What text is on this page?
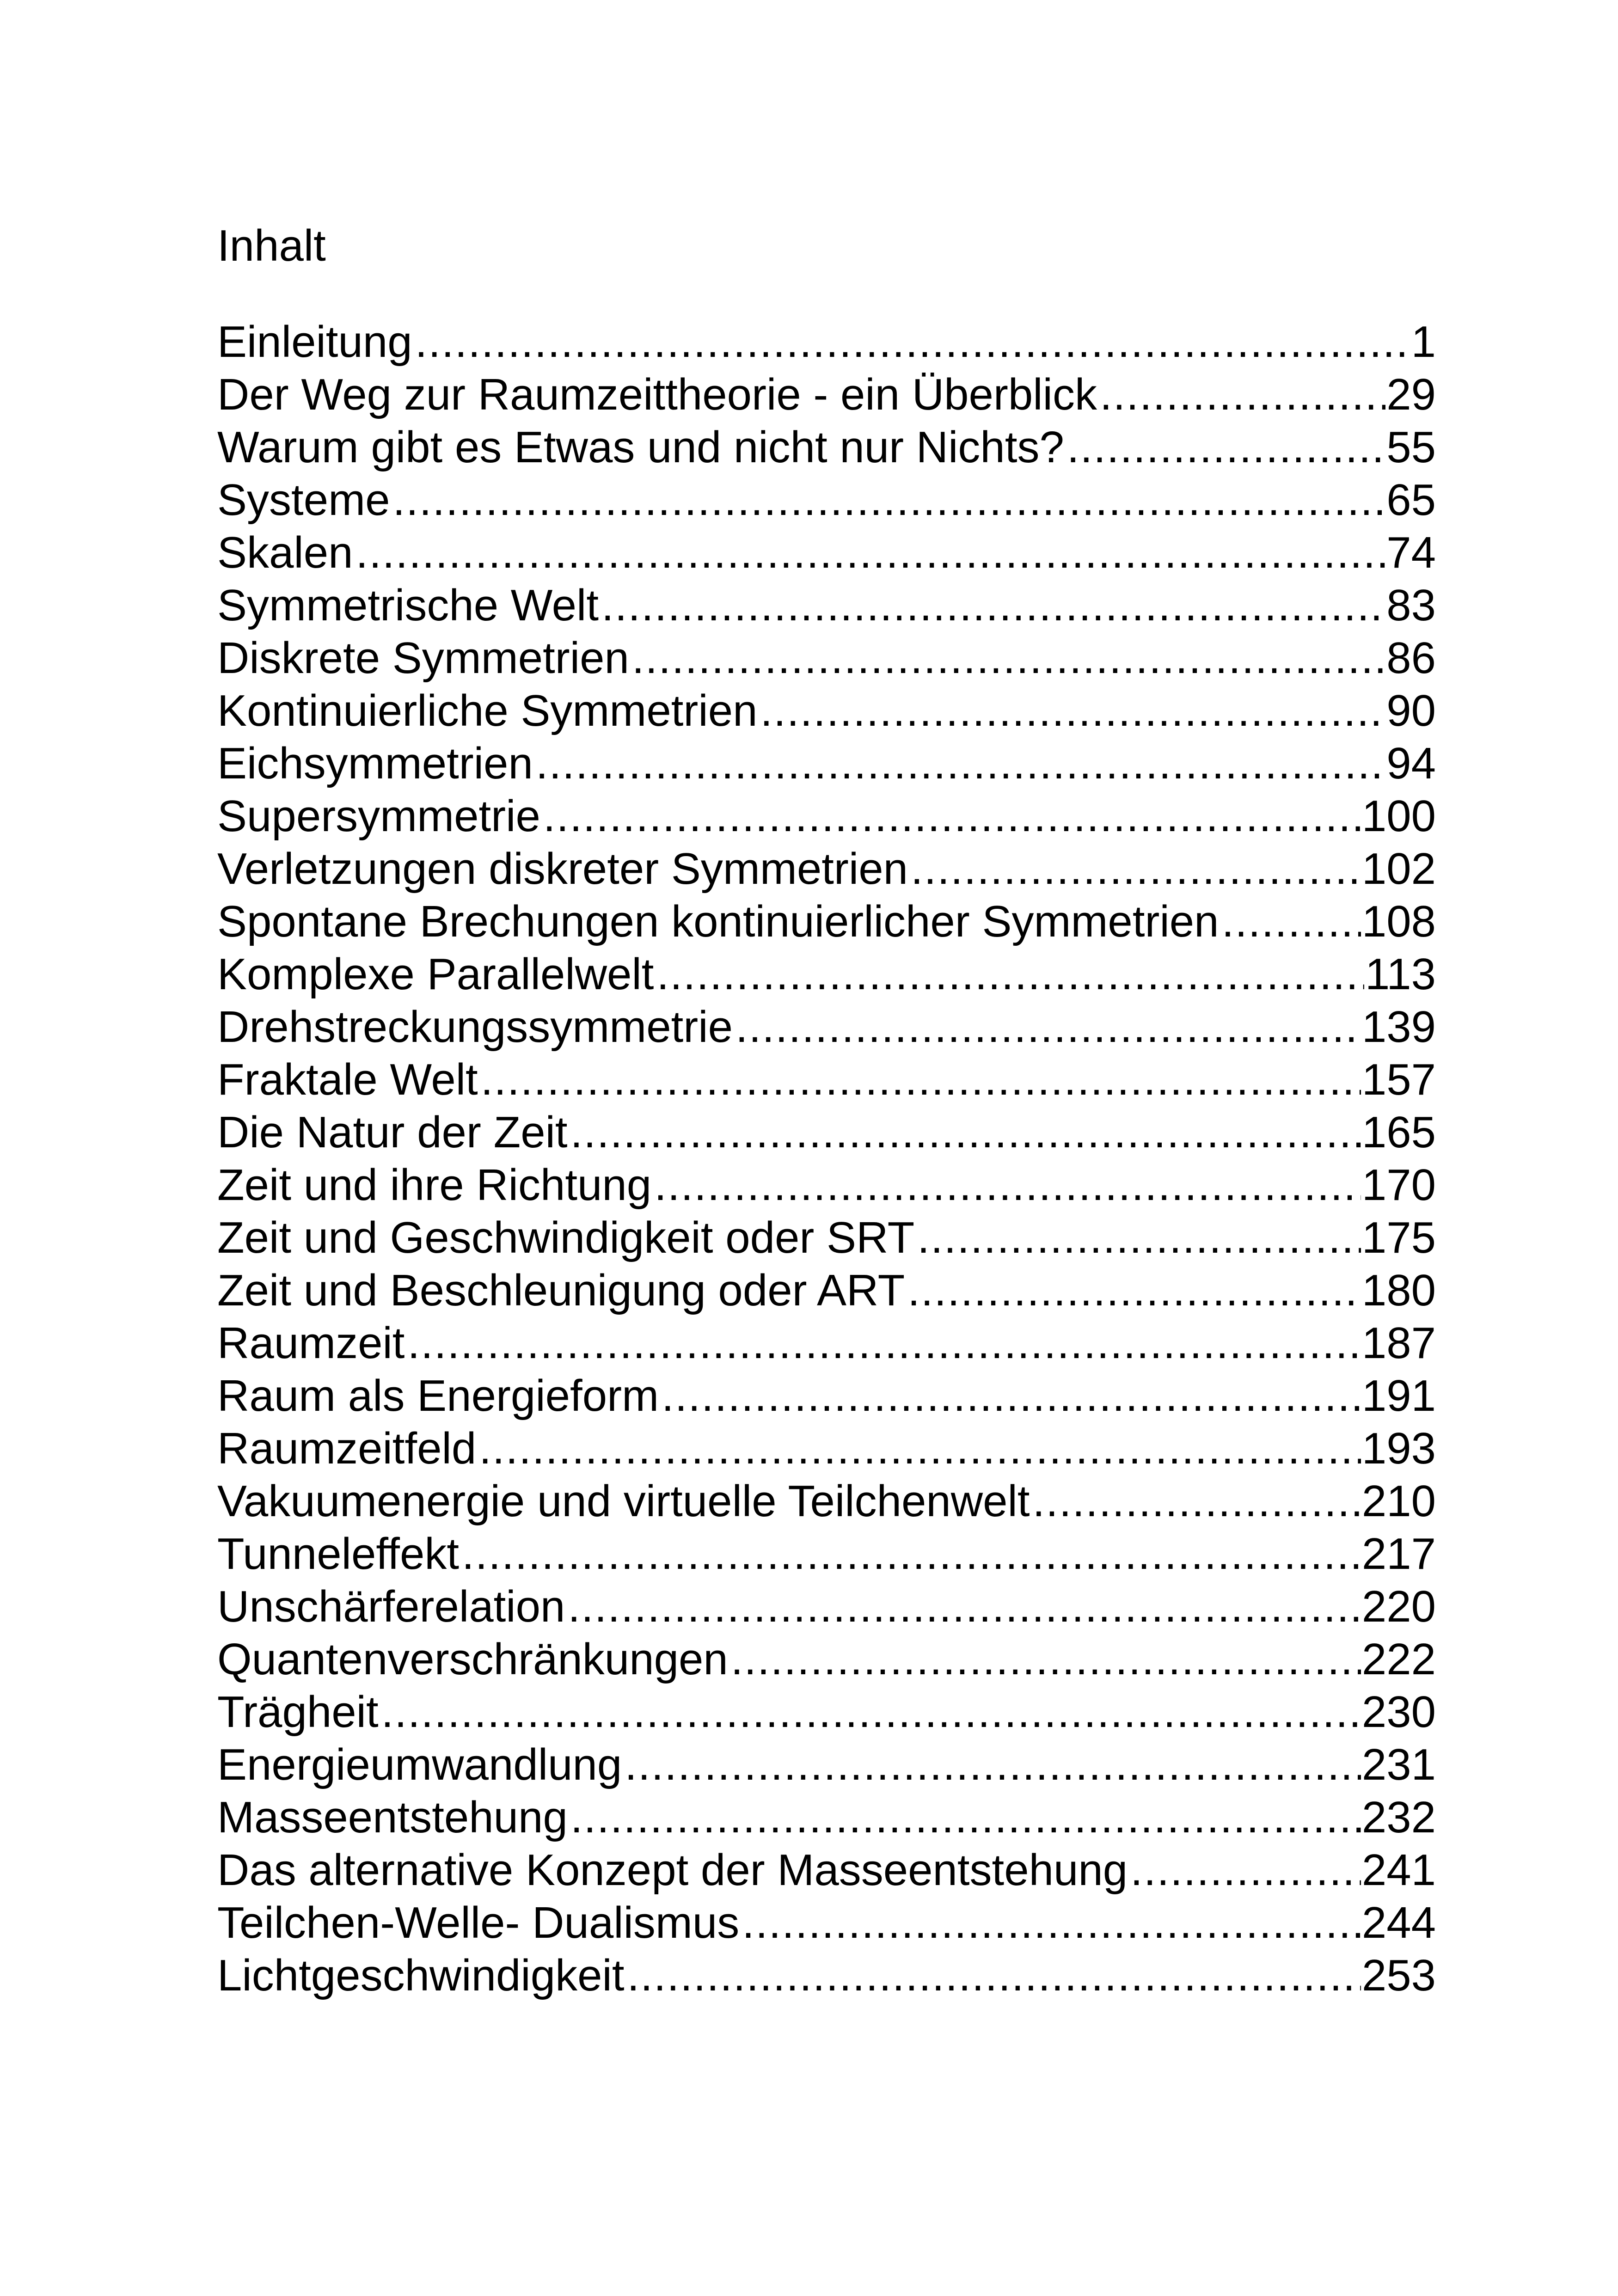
Inhalt
Einleitung .....	1
Der Weg zur Raumzeittheorie - ein Überblick .....	29
Warum gibt es Etwas und nicht nur Nichts? .....	55
Systeme .....	65
Skalen .....	74
Symmetrische Welt .....	83
Diskrete Symmetrien .....	86
Kontinuierliche Symmetrien .....	90
Eichsymmetrien .....	94
Supersymmetrie .....	100
Verletzungen diskreter Symmetrien .....	102
Spontane Brechungen kontinuierlicher Symmetrien .....	108
Komplexe Parallelwelt .....	113
Drehstreckungssymmetrie .....	139
Fraktale Welt .....	157
Die Natur der Zeit .....	165
Zeit und ihre Richtung .....	170
Zeit und Geschwindigkeit oder SRT .....	175
Zeit und Beschleunigung oder ART .....	180
Raumzeit .....	187
Raum als Energieform .....	191
Raumzeitfeld .....	193
Vakuumenergie und virtuelle Teilchenwelt .....	210
Tunneleffekt .....	217
Unschärferelation .....	220
Quantenverschränkungen .....	222
Trägheit .....	230
Energieumwandlung .....	231
Masseentstehung .....	232
Das alternative Konzept der Masseentstehung .....	241
Teilchen-Welle- Dualismus .....	244
Lichtgeschwindigkeit .....	253
